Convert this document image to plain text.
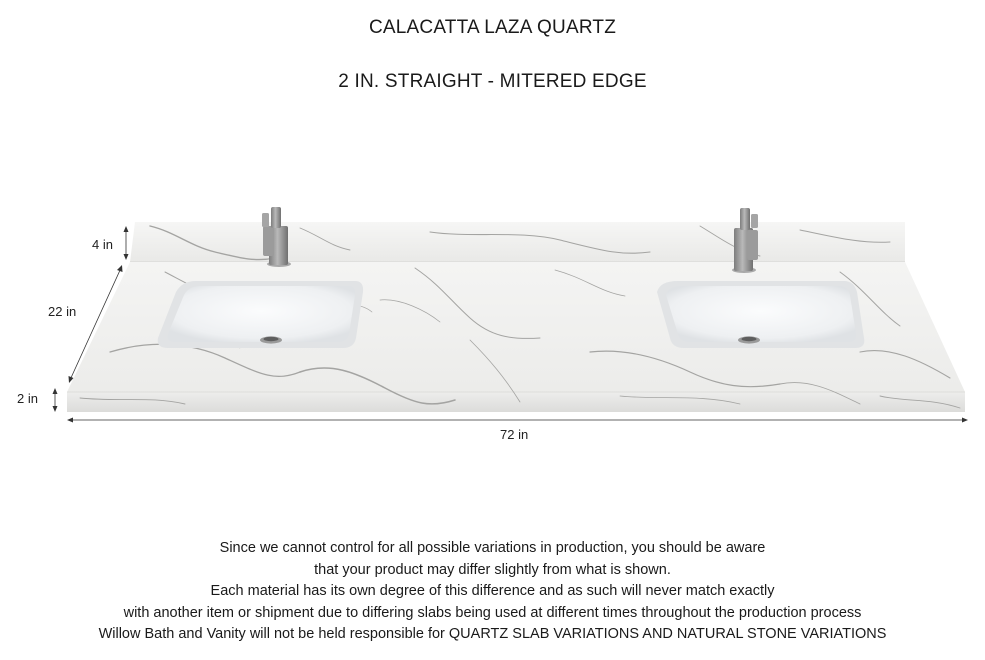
CALACATTA LAZA QUARTZ
2 IN. STRAIGHT - MITERED EDGE
4 in
22 in
2 in
72 in
Since we cannot control for all possible variations in production, you should be aware
that your product may differ slightly from what is shown.
Each material has its own degree of this difference and as such will never match exactly
with another item or shipment due to differing slabs being used at different times throughout the production process
Willow Bath and Vanity will not be held responsible for QUARTZ SLAB VARIATIONS AND NATURAL STONE VARIATIONS
